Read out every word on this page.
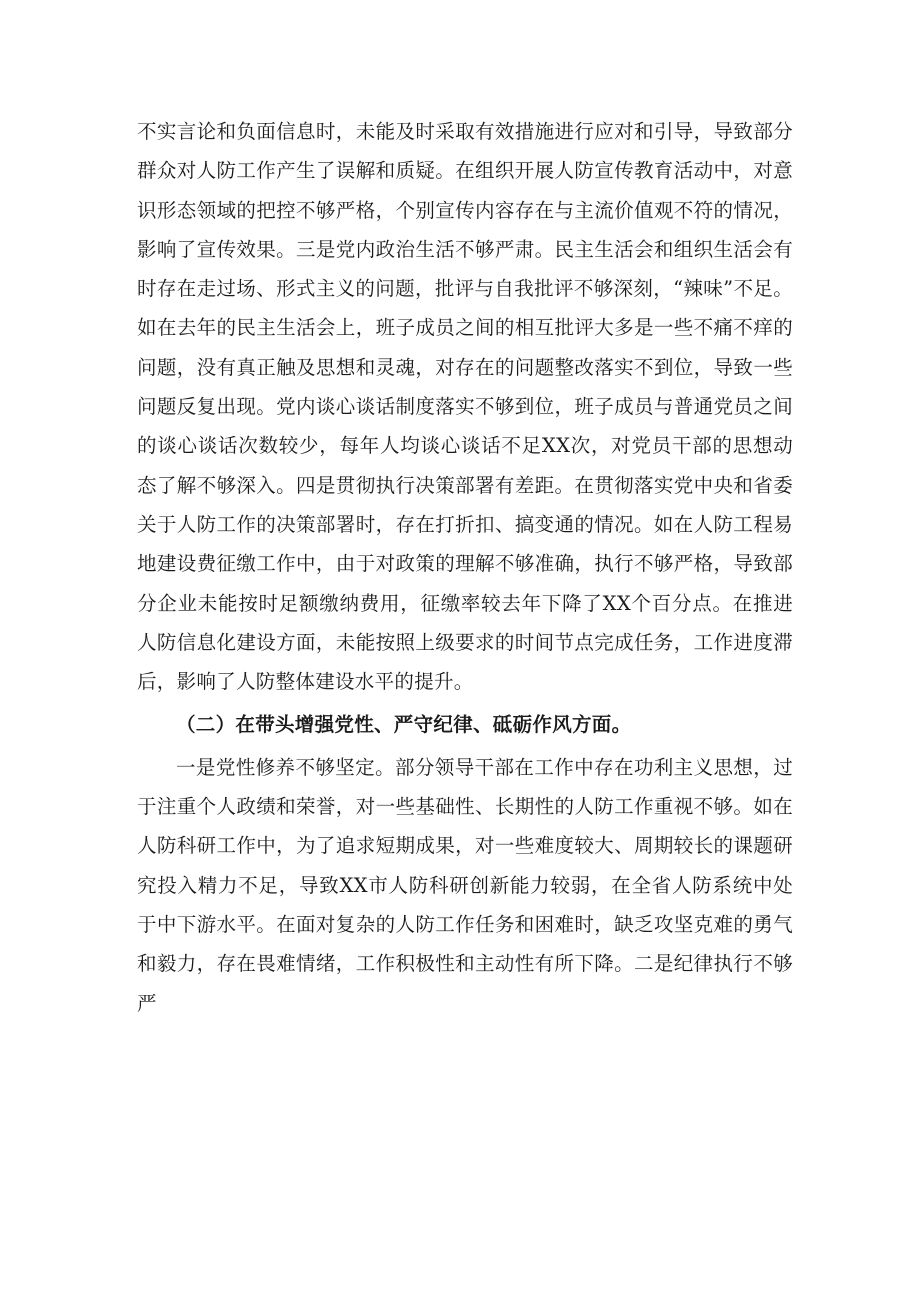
不实言论和负面信息时，未能及时采取有效措施进行应对和引导，导致部分群众对人防工作产生了误解和质疑。在组织开展人防宣传教育活动中，对意识形态领域的把控不够严格，个别宣传内容存在与主流价值观不符的情况，影响了宣传效果。三是党内政治生活不够严肃。民主生活会和组织生活会有时存在走过场、形式主义的问题，批评与自我批评不够深刻，“辣味”不足。如在去年的民主生活会上，班子成员之间的相互批评大多是一些不痛不痒的问题，没有真正触及思想和灵魂，对存在的问题整改落实不到位，导致一些问题反复出现。党内谈心谈话制度落实不够到位，班子成员与普通党员之间的谈心谈话次数较少，每年人均谈心谈话不足XX次，对党员干部的思想动态了解不够深入。四是贯彻执行决策部署有差距。在贯彻落实党中央和省委关于人防工作的决策部署时，存在打折扣、搞变通的情况。如在人防工程易地建设费征缴工作中，由于对政策的理解不够准确，执行不够严格，导致部分企业未能按时足额缴纳费用，征缴率较去年下降了XX个百分点。在推进人防信息化建设方面，未能按照上级要求的时间节点完成任务，工作进度滞后，影响了人防整体建设水平的提升。

（二）在带头增强党性、严守纪律、砥砺作风方面。

一是党性修养不够坚定。部分领导干部在工作中存在功利主义思想，过于注重个人政绩和荣誉，对一些基础性、长期性的人防工作重视不够。如在人防科研工作中，为了追求短期成果，对一些难度较大、周期较长的课题研究投入精力不足，导致XX市人防科研创新能力较弱，在全省人防系统中处于中下游水平。在面对复杂的人防工作任务和困难时，缺乏攻坚克难的勇气和毅力，存在畏难情绪，工作积极性和主动性有所下降。二是纪律执行不够严
